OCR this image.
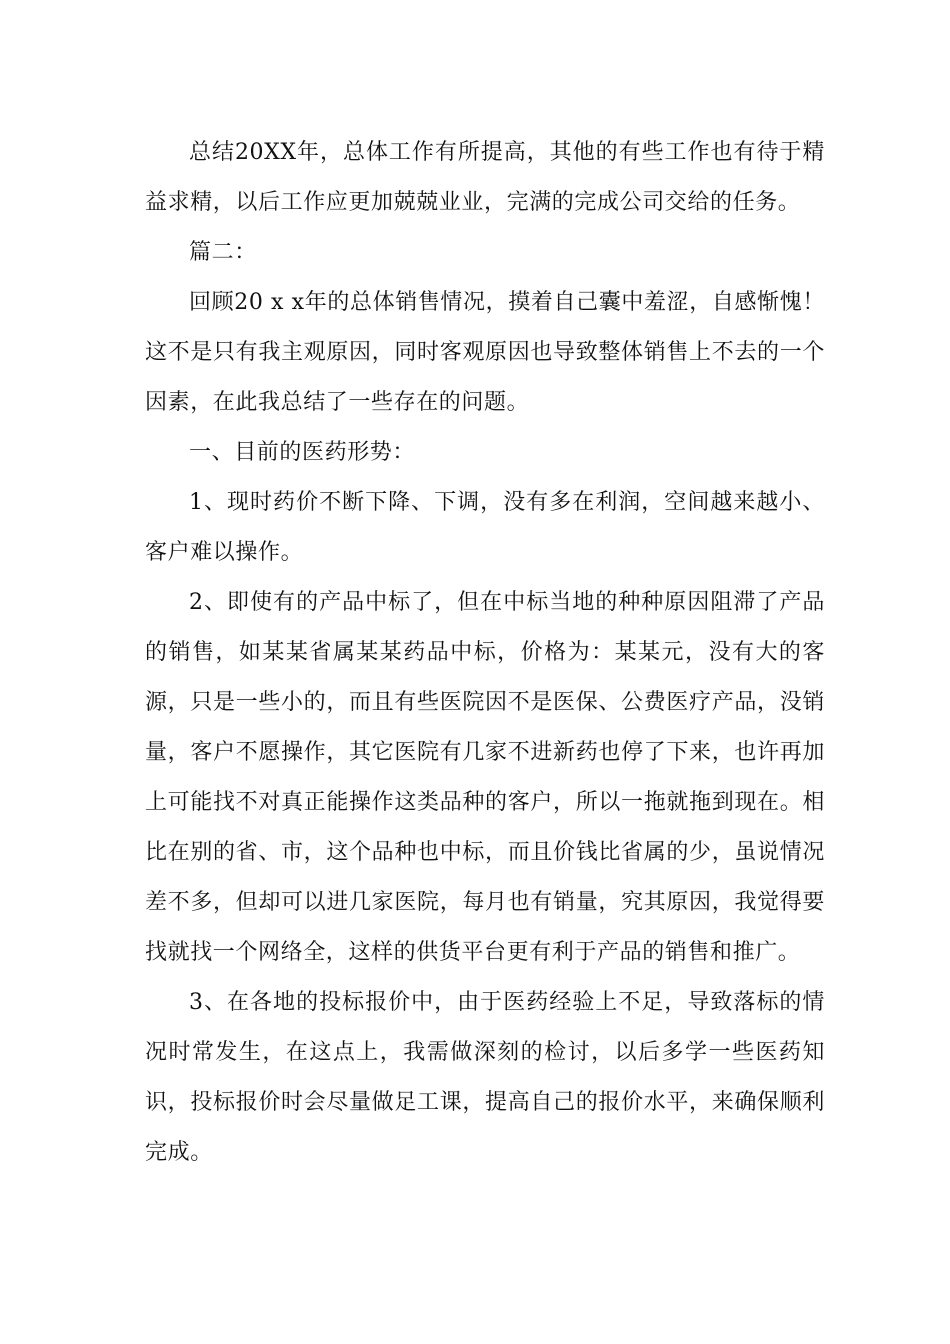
总结20XX年，总体工作有所提高，其他的有些工作也有待于精益求精，以后工作应更加兢兢业业，完满的完成公司交给的任务。

篇二：

回顾20 x x年的总体销售情况，摸着自己囊中羞涩，自感惭愧！这不是只有我主观原因，同时客观原因也导致整体销售上不去的一个因素，在此我总结了一些存在的问题。

一、目前的医药形势：

1、现时药价不断下降、下调，没有多在利润，空间越来越小、客户难以操作。

2、即使有的产品中标了，但在中标当地的种种原因阻滞了产品的销售，如某某省属某某药品中标，价格为：某某元，没有大的客源，只是一些小的，而且有些医院因不是医保、公费医疗产品，没销量，客户不愿操作，其它医院有几家不进新药也停了下来，也许再加上可能找不对真正能操作这类品种的客户，所以一拖就拖到现在。相比在别的省、市，这个品种也中标，而且价钱比省属的少，虽说情况差不多，但却可以进几家医院，每月也有销量，究其原因，我觉得要找就找一个网络全，这样的供货平台更有利于产品的销售和推广。

3、在各地的投标报价中，由于医药经验上不足，导致落标的情况时常发生，在这点上，我需做深刻的检讨，以后多学一些医药知识，投标报价时会尽量做足工课，提高自己的报价水平，来确保顺利完成。
